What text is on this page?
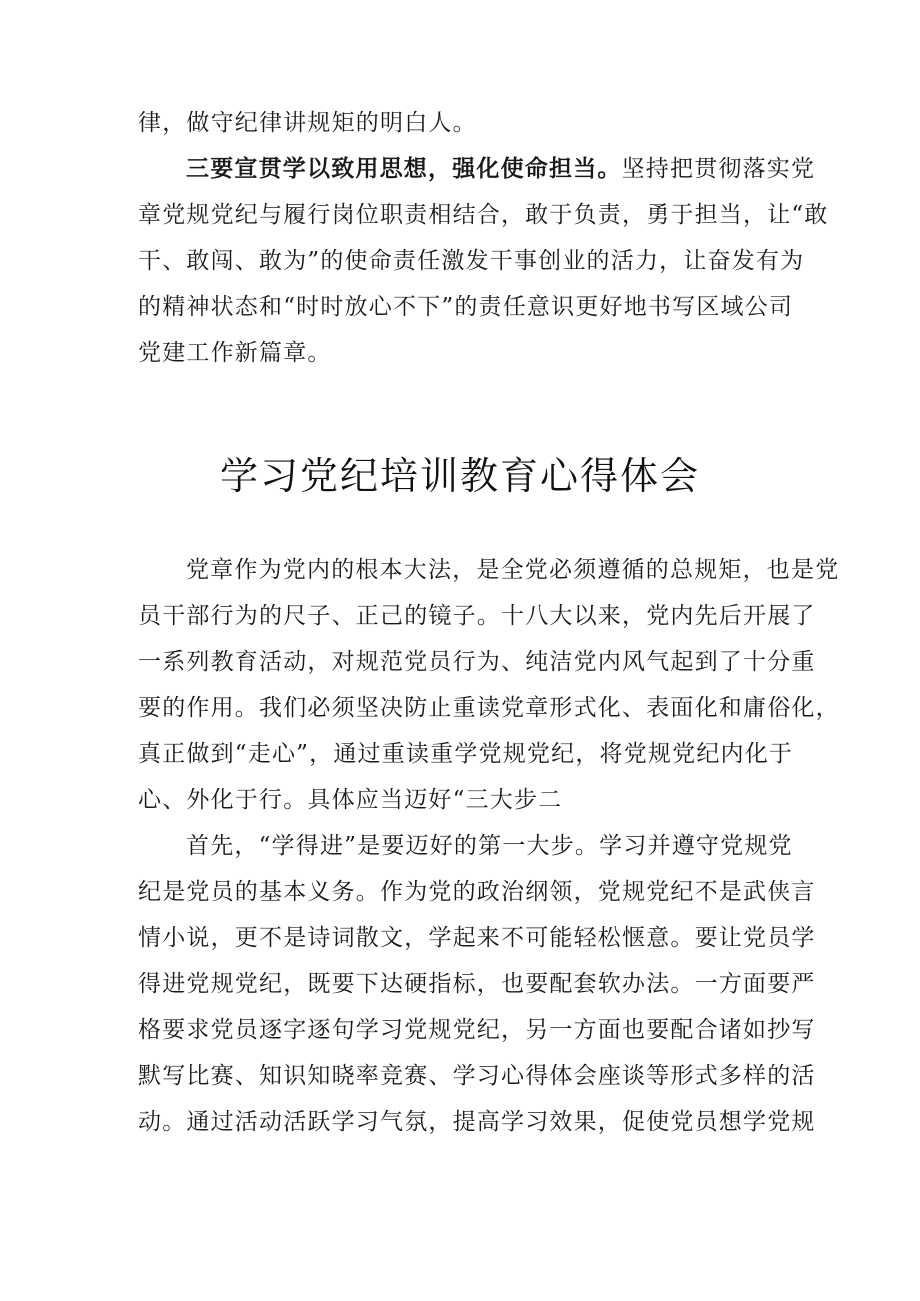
律，做守纪律讲规矩的明白人。
三要宣贯学以致用思想，强化使命担当。坚持把贯彻落实党
章党规党纪与履行岗位职责相结合，敢于负责，勇于担当，让“敢
干、敢闯、敢为”的使命责任激发干事创业的活力，让奋发有为
的精神状态和“时时放心不下”的责任意识更好地书写区域公司
党建工作新篇章。
学习党纪培训教育心得体会
党章作为党内的根本大法，是全党必须遵循的总规矩，也是党
员干部行为的尺子、正己的镜子。十八大以来，党内先后开展了
一系列教育活动，对规范党员行为、纯洁党内风气起到了十分重
要的作用。我们必须坚决防止重读党章形式化、表面化和庸俗化，
真正做到“走心”，通过重读重学党规党纪，将党规党纪内化于
心、外化于行。具体应当迈好“三大步二
首先，“学得进”是要迈好的第一大步。学习并遵守党规党
纪是党员的基本义务。作为党的政治纲领，党规党纪不是武侠言
情小说，更不是诗词散文，学起来不可能轻松惬意。要让党员学
得进党规党纪，既要下达硬指标，也要配套软办法。一方面要严
格要求党员逐字逐句学习党规党纪，另一方面也要配合诸如抄写
默写比赛、知识知晓率竞赛、学习心得体会座谈等形式多样的活
动。通过活动活跃学习气氛，提高学习效果，促使党员想学党规
